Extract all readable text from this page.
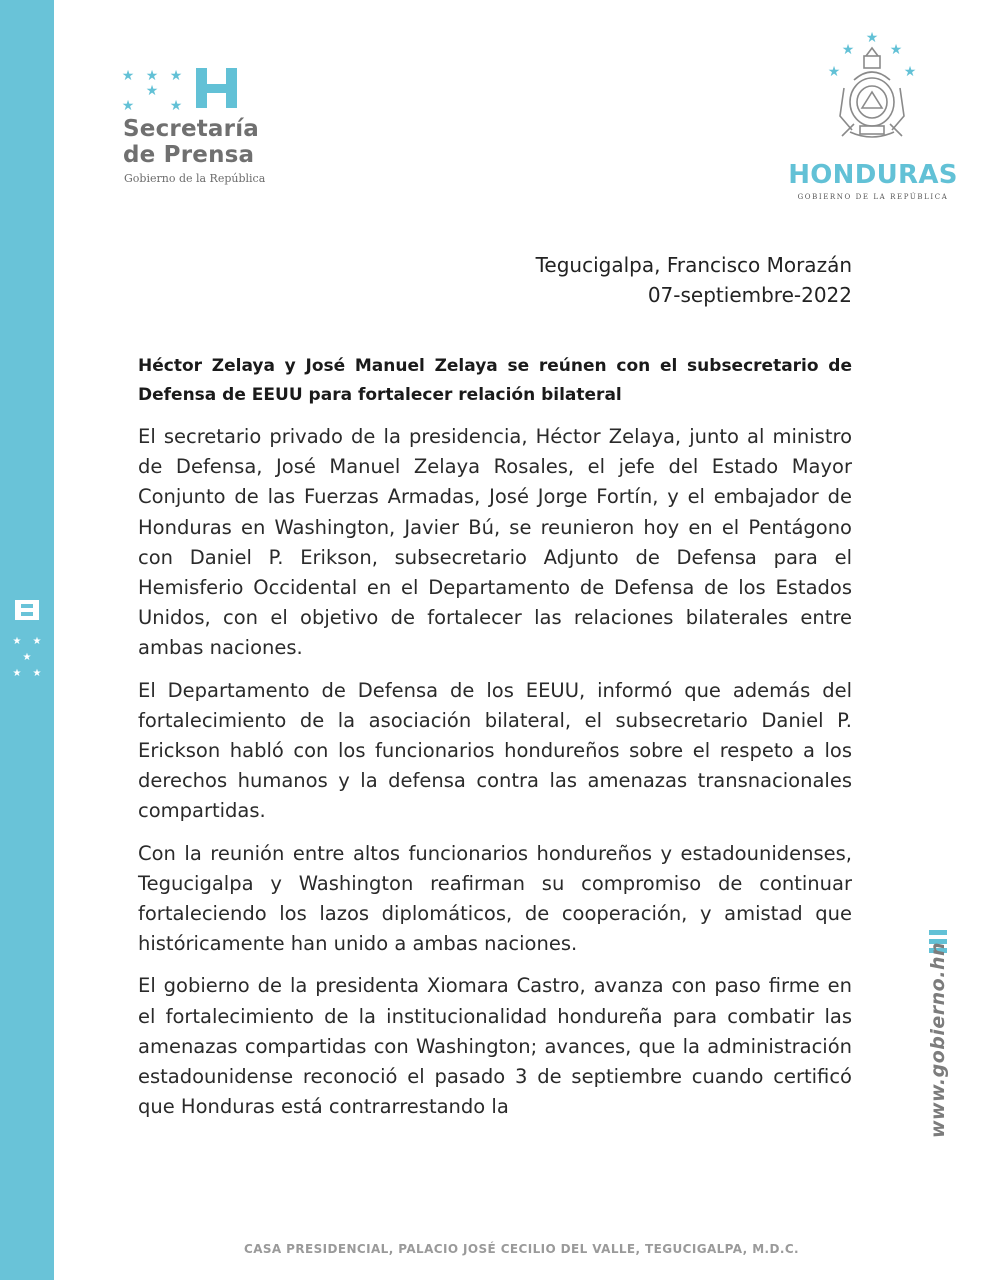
★ ★
★
★ ★
★ ★ ★
★
★	★
Secretaría
de Prensa
Gobierno de la República
★
★	★
★	★
HONDURAS
GOBIERNO DE LA REPÚBLICA
Tegucigalpa, Francisco Morazán
07-septiembre-2022
Héctor Zelaya y José Manuel Zelaya se reúnen con el subsecretario de Defensa de EEUU para fortalecer relación bilateral

El secretario privado de la presidencia, Héctor Zelaya, junto al ministro de Defensa, José Manuel Zelaya Rosales, el jefe del Estado Mayor Conjunto de las Fuerzas Armadas, José Jorge Fortín, y el embajador de Honduras en Washington, Javier Bú, se reunieron hoy en el Pentágono con Daniel P. Erikson, subsecretario Adjunto de Defensa para el Hemisferio Occidental en el Departamento de Defensa de los Estados Unidos, con el objetivo de fortalecer las relaciones bilaterales entre ambas naciones.

El Departamento de Defensa de los EEUU, informó que además del fortalecimiento de la asociación bilateral, el subsecretario Daniel P. Erickson habló con los funcionarios hondureños sobre el respeto a los derechos humanos y la defensa contra las amenazas transnacionales compartidas.

Con la reunión entre altos funcionarios hondureños y estadounidenses, Tegucigalpa y Washington reafirman su compromiso de continuar fortaleciendo los lazos diplomáticos, de cooperación, y amistad que históricamente han unido a ambas naciones.

El gobierno de la presidenta Xiomara Castro, avanza con paso firme en el fortalecimiento de la institucionalidad hondureña para combatir las amenazas compartidas con Washington; avances, que la administración estadounidense reconoció el pasado 3 de septiembre cuando certificó que Honduras está contrarrestando la	www.gobierno.hn
CASA PRESIDENCIAL, PALACIO JOSÉ CECILIO DEL VALLE, TEGUCIGALPA, M.D.C.
